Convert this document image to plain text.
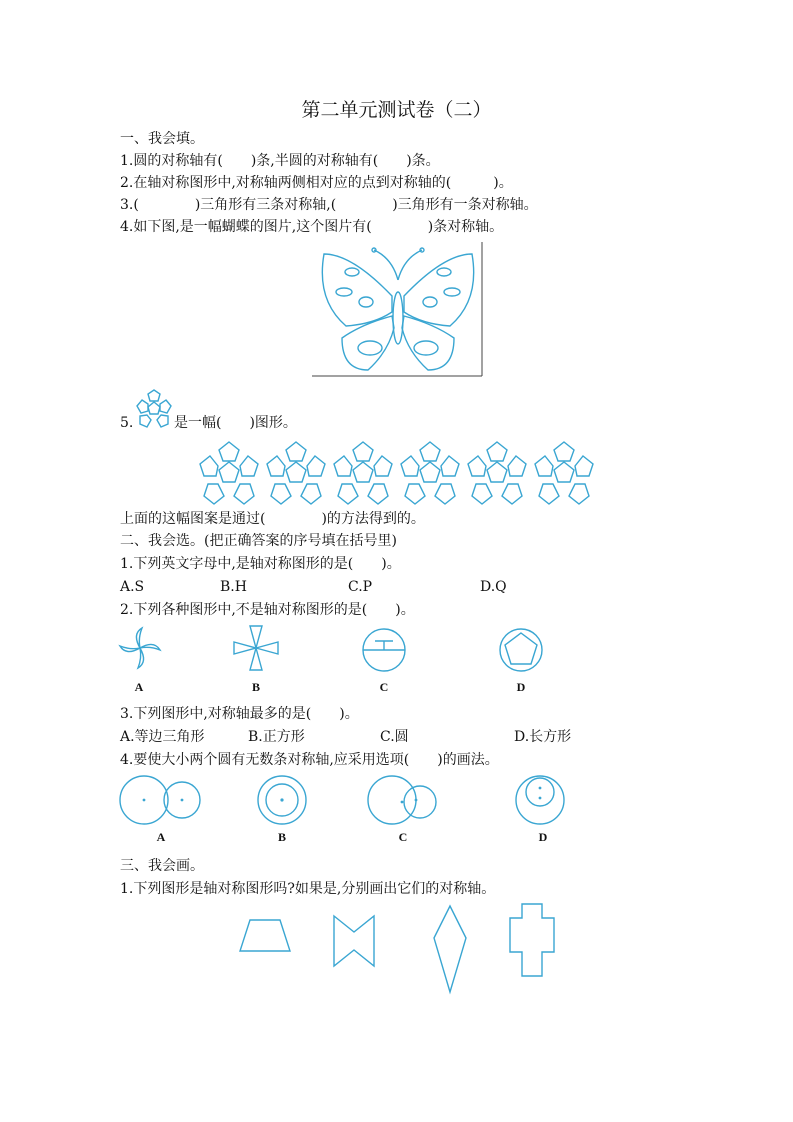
第二单元测试卷（二）
一、我会填。
1.圆的对称轴有(　　)条,半圆的对称轴有(　　)条。
2.在轴对称图形中,对称轴两侧相对应的点到对称轴的(　　　)。
3.(　　　　)三角形有三条对称轴,(　　　　)三角形有一条对称轴。
4.如下图,是一幅蝴蝶的图片,这个图片有(　　　　)条对称轴。
5.	是一幅(　　)图形。
上面的这幅图案是通过(　　　　)的方法得到的。
二、我会选。(把正确答案的序号填在括号里)
1.下列英文字母中,是轴对称图形的是(　　)。
A.S	B.H	C.P	D.Q
2.下列各种图形中,不是轴对称图形的是(　　)。
A	B	C	D
3.下列图形中,对称轴最多的是(　　)。
A.等边三角形	B.正方形	C.圆	D.长方形
4.要使大小两个圆有无数条对称轴,应采用选项(　　)的画法。
A	B	C	D
三、我会画。
1.下列图形是轴对称图形吗?如果是,分别画出它们的对称轴。
